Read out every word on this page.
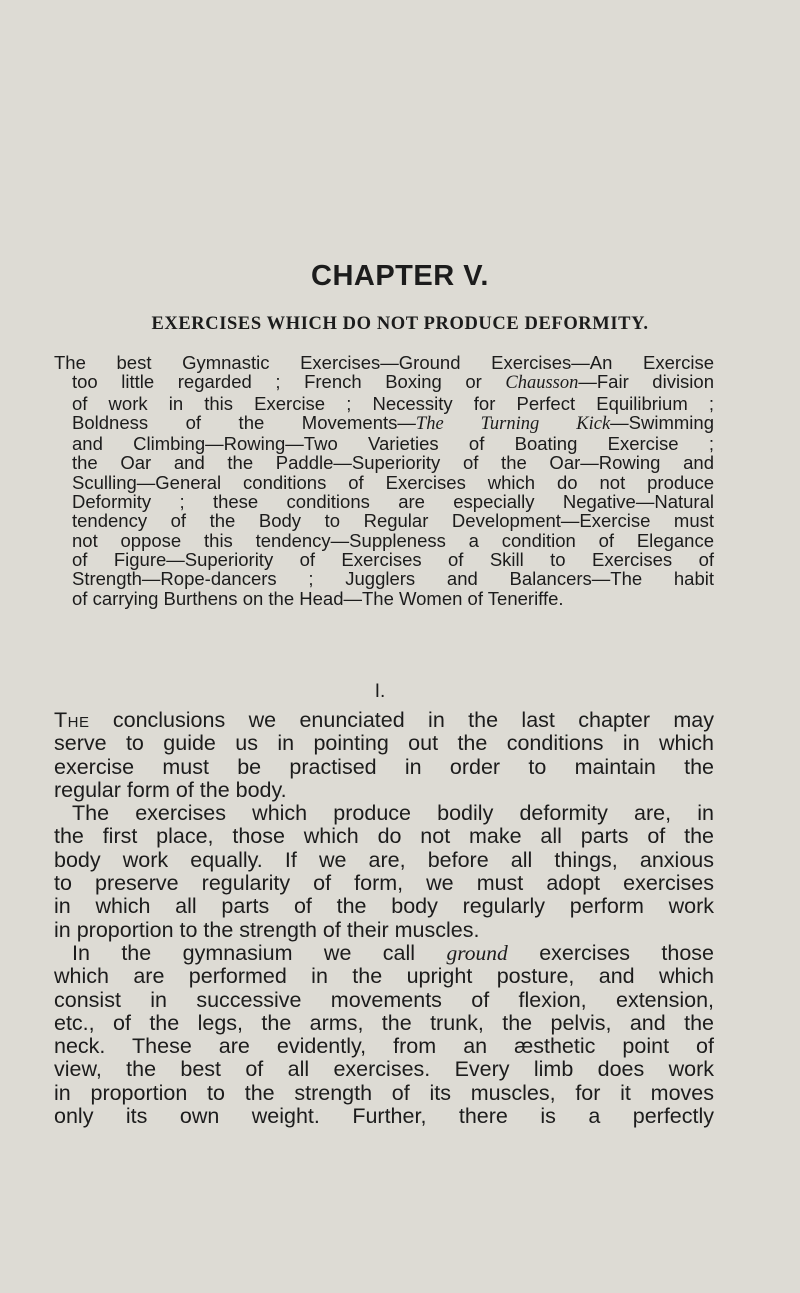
CHAPTER V.
EXERCISES WHICH DO NOT PRODUCE DEFORMITY.
The best Gymnastic Exercises—Ground Exercises—An Exercise
too little regarded ; French Boxing or Chausson—Fair division
of work in this Exercise ; Necessity for Perfect Equilibrium ;
Boldness of the Movements—The Turning Kick—Swimming
and Climbing—Rowing—Two Varieties of Boating Exercise ;
the Oar and the Paddle—Superiority of the Oar—Rowing and
Sculling—General conditions of Exercises which do not produce
Deformity ; these conditions are especially Negative—Natural
tendency of the Body to Regular Development—Exercise must
not oppose this tendency—Suppleness a condition of Elegance
of Figure—Superiority of Exercises of Skill to Exercises of
Strength—Rope-dancers ; Jugglers and Balancers—The habit
of carrying Burthens on the Head—The Women of Teneriffe.
I.
The conclusions we enunciated in the last chapter may
serve to guide us in pointing out the conditions in which
exercise must be practised in order to maintain the
regular form of the body.
The exercises which produce bodily deformity are, in
the first place, those which do not make all parts of the
body work equally. If we are, before all things, anxious
to preserve regularity of form, we must adopt exercises
in which all parts of the body regularly perform work
in proportion to the strength of their muscles.
In the gymnasium we call ground exercises those
which are performed in the upright posture, and which
consist in successive movements of flexion, extension,
etc., of the legs, the arms, the trunk, the pelvis, and the
neck. These are evidently, from an æsthetic point of
view, the best of all exercises. Every limb does work
in proportion to the strength of its muscles, for it moves
only its own weight. Further, there is a perfectly
